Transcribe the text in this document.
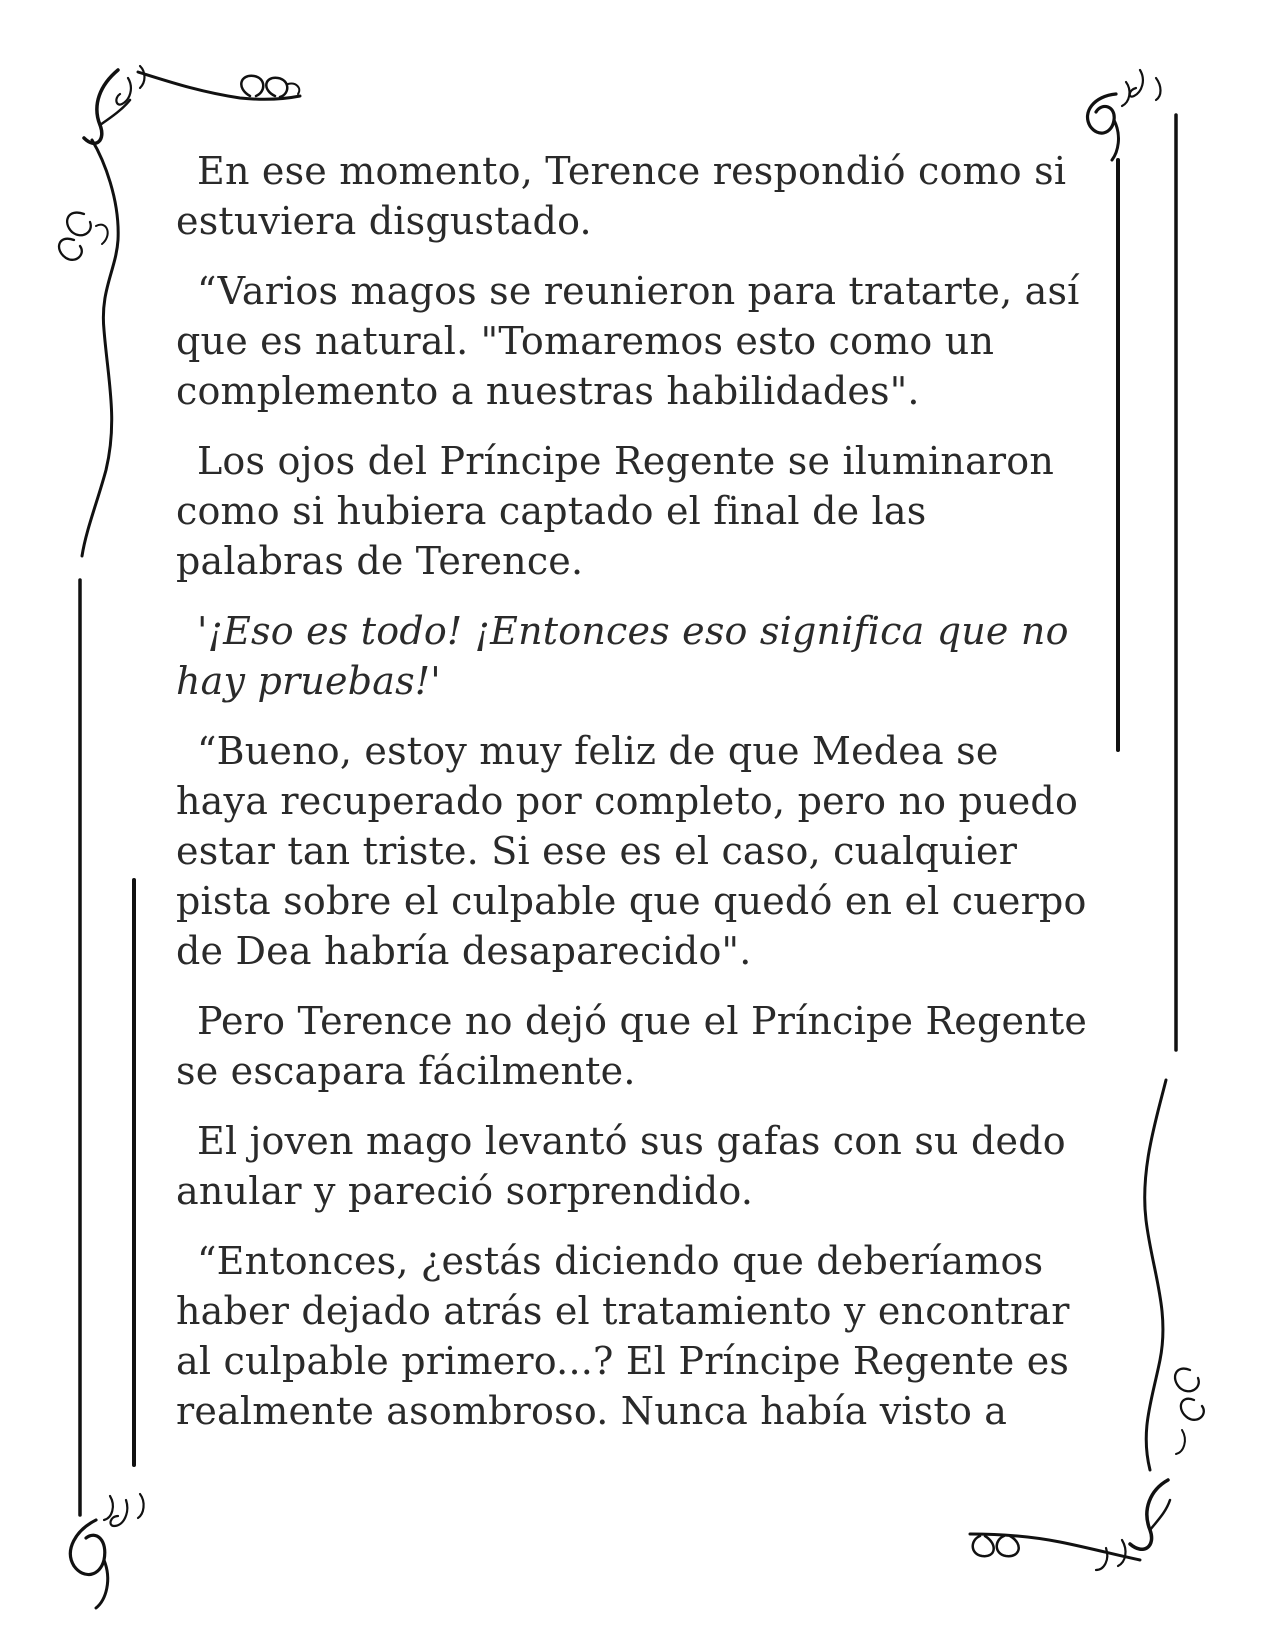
En ese momento, Terence respondió como si estuviera disgustado.

“Varios magos se reunieron para tratarte, así que es natural. "Tomaremos esto como un complemento a nuestras habilidades".

Los ojos del Príncipe Regente se iluminaron como si hubiera captado el final de las palabras de Terence.

'¡Eso es todo! ¡Entonces eso significa que no hay pruebas!'

“Bueno, estoy muy feliz de que Medea se haya recuperado por completo, pero no puedo estar tan triste. Si ese es el caso, cualquier pista sobre el culpable que quedó en el cuerpo de Dea habría desaparecido".

Pero Terence no dejó que el Príncipe Regente se escapara fácilmente.

El joven mago levantó sus gafas con su dedo anular y pareció sorprendido.

“Entonces, ¿estás diciendo que deberíamos haber dejado atrás el tratamiento y encontrar al culpable primero...? El Príncipe Regente es realmente asombroso. Nunca había visto a
